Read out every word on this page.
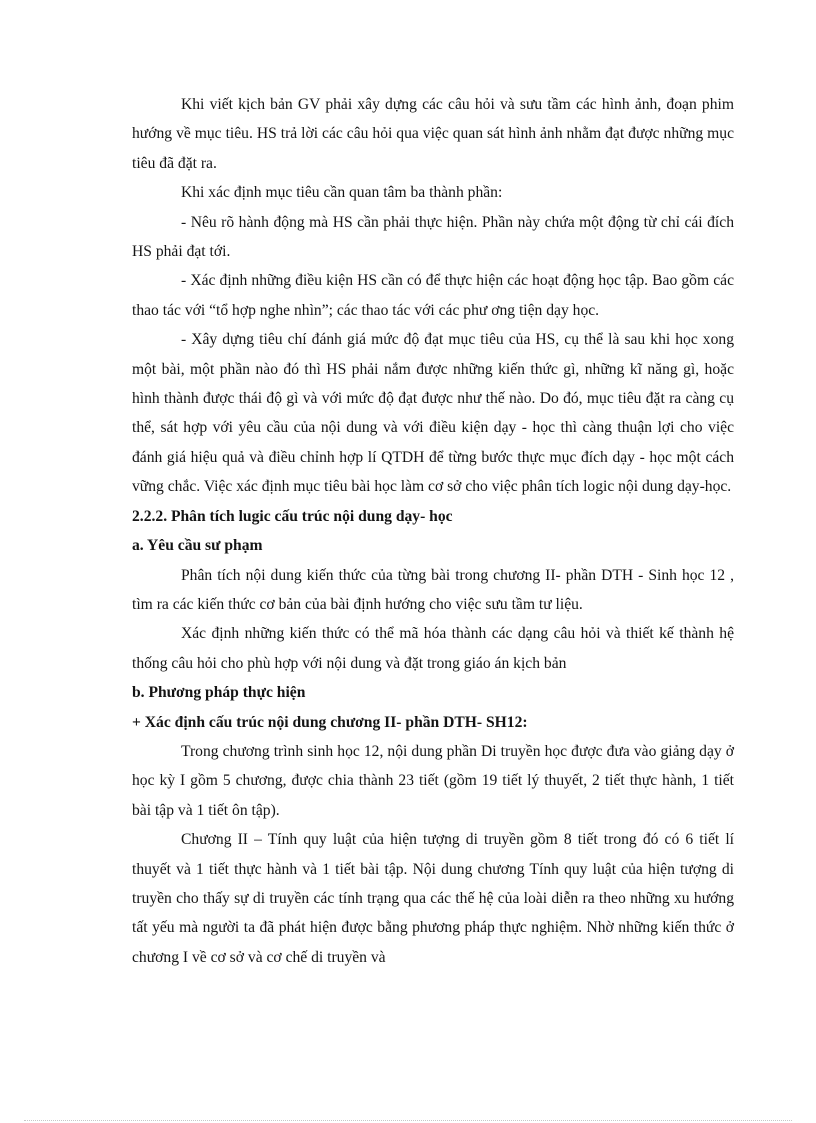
Khi viết kịch bản GV phải xây dựng các câu hỏi và sưu tầm các hình ảnh, đoạn phim hướng về mục tiêu. HS trả lời các câu hỏi qua việc quan sát hình ảnh nhằm đạt được những mục tiêu đã đặt ra.

Khi xác định mục tiêu cần quan tâm ba thành phần:

- Nêu rõ hành động mà HS cần phải thực hiện. Phần này chứa một động từ chỉ cái đích HS phải đạt tới.

- Xác định những điều kiện HS cần có để thực hiện các hoạt động học tập. Bao gồm các thao tác với “tổ hợp nghe nhìn”; các thao tác với các phư ơng tiện dạy học.

- Xây dựng tiêu chí đánh giá mức độ đạt mục tiêu của HS, cụ thể là sau khi học xong một bài, một phần nào đó thì HS phải nắm được những kiến thức gì, những kĩ năng gì, hoặc hình thành được thái độ gì và với mức độ đạt được như thế nào. Do đó, mục tiêu đặt ra càng cụ thể, sát hợp với yêu cầu của nội dung và với điều kiện dạy - học thì càng thuận lợi cho việc đánh giá hiệu quả và điều chỉnh hợp lí QTDH để từng bước thực mục đích dạy - học một cách vững chắc. Việc xác định mục tiêu bài học làm cơ sở cho việc phân tích logic nội dung dạy-học.

2.2.2. Phân tích lugic cấu trúc nội dung dạy- học
a. Yêu cầu sư phạm

Phân tích nội dung kiến thức của từng bài trong chương II- phần DTH - Sinh học 12 , tìm ra các kiến thức cơ bản của bài định hướng cho việc sưu tầm tư liệu.

Xác định những kiến thức có thể mã hóa thành các dạng câu hỏi và thiết kế thành hệ thống câu hỏi cho phù hợp với nội dung và đặt trong giáo án kịch bản

b. Phương pháp thực hiện
+ Xác định cấu trúc nội dung chương II- phần DTH- SH12:

Trong chương trình sinh học 12, nội dung phần Di truyền học được đưa vào giảng dạy ở học kỳ I gồm 5 chương, được chia thành 23 tiết (gồm 19 tiết lý thuyết, 2 tiết thực hành, 1 tiết bài tập và 1 tiết ôn tập).

Chương II – Tính quy luật của hiện tượng di truyền gồm 8 tiết trong đó có 6 tiết lí thuyết và 1 tiết thực hành và 1 tiết bài tập. Nội dung chương Tính quy luật của hiện tượng di truyền cho thấy sự di truyền các tính trạng qua các thế hệ của loài diễn ra theo những xu hướng tất yếu mà người ta đã phát hiện được bằng phương pháp thực nghiệm. Nhờ những kiến thức ở chương I về cơ sở và cơ chế di truyền và
